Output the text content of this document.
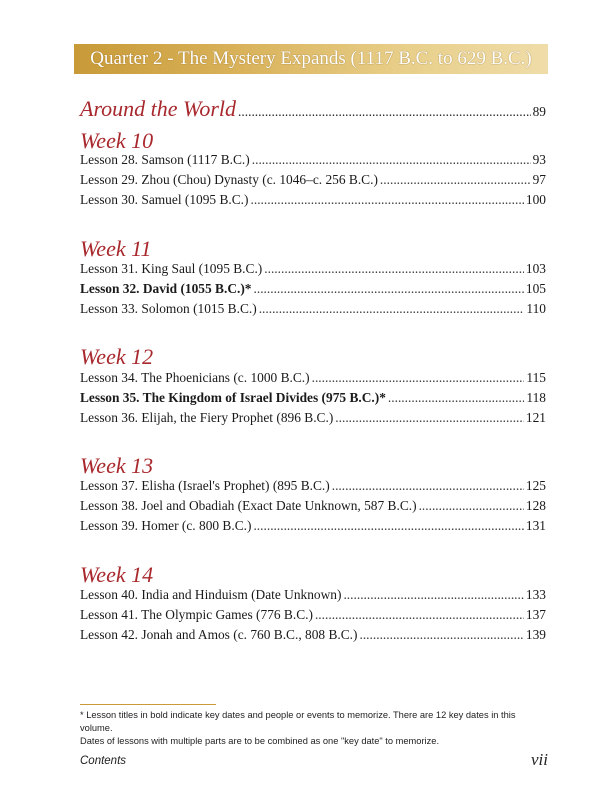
Quarter 2 - The Mystery Expands (1117 B.C. to 629 B.C.)
Around the World .....	89
Week 10
Lesson 28. Samson (1117 B.C.) .....	93
Lesson 29. Zhou (Chou) Dynasty (c. 1046–c. 256 B.C.) .....	97
Lesson 30. Samuel (1095 B.C.) .....	100
Week 11
Lesson 31. King Saul (1095 B.C.) .....	103
Lesson 32. David (1055 B.C.)* .....	105
Lesson 33. Solomon (1015 B.C.) .....	110
Week 12
Lesson 34. The Phoenicians (c. 1000 B.C.) .....	115
Lesson 35. The Kingdom of Israel Divides (975 B.C.)* .....	118
Lesson 36. Elijah, the Fiery Prophet (896 B.C.) .....	121
Week 13
Lesson 37. Elisha (Israel's Prophet) (895 B.C.) .....	125
Lesson 38. Joel and Obadiah (Exact Date Unknown, 587 B.C.) .....	128
Lesson 39. Homer (c. 800 B.C.) .....	131
Week 14
Lesson 40. India and Hinduism (Date Unknown) .....	133
Lesson 41. The Olympic Games (776 B.C.) .....	137
Lesson 42. Jonah and Amos (c. 760 B.C., 808 B.C.) .....	139
* Lesson titles in bold indicate key dates and people or events to memorize. There are 12 key dates in this volume.
Dates of lessons with multiple parts are to be combined as one "key date" to memorize.
Contents	vii
